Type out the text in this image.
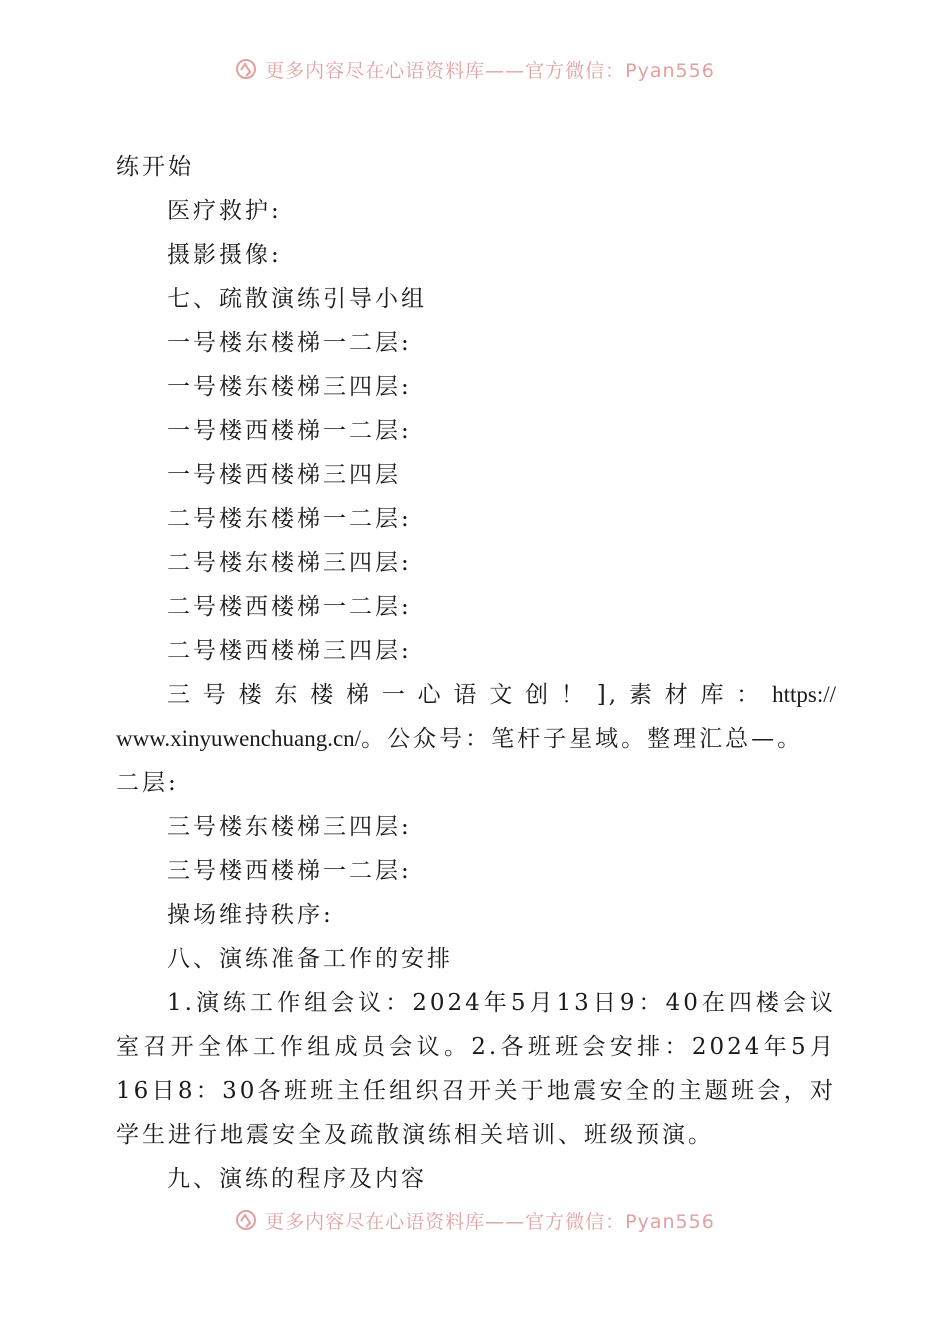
更多内容尽在心语资料库——官方微信：Pyan556
练开始
医疗救护:
摄影摄像:
七、疏散演练引导小组
一号楼东楼梯一二层:
一号楼东楼梯三四层:
一号楼西楼梯一二层:
一号楼西楼梯三四层
二号楼东楼梯一二层:
二号楼东楼梯三四层:
二号楼西楼梯一二层:
二号楼西楼梯三四层:
三号楼东楼梯一心语文创！],素材库：https:// www.xinyuwenchuang.cn/。公众号：笔杆子星域。整理汇总—。
二层:
三号楼东楼梯三四层:
三号楼西楼梯一二层:
操场维持秩序:
八、演练准备工作的安排
1.演练工作组会议：2024年5月13日9：40在四楼会议室召开全体工作组成员会议。2.各班班会安排：2024年5月16日8：30各班班主任组织召开关于地震安全的主题班会，对学生进行地震安全及疏散演练相关培训、班级预演。
九、演练的程序及内容
更多内容尽在心语资料库——官方微信：Pyan556
